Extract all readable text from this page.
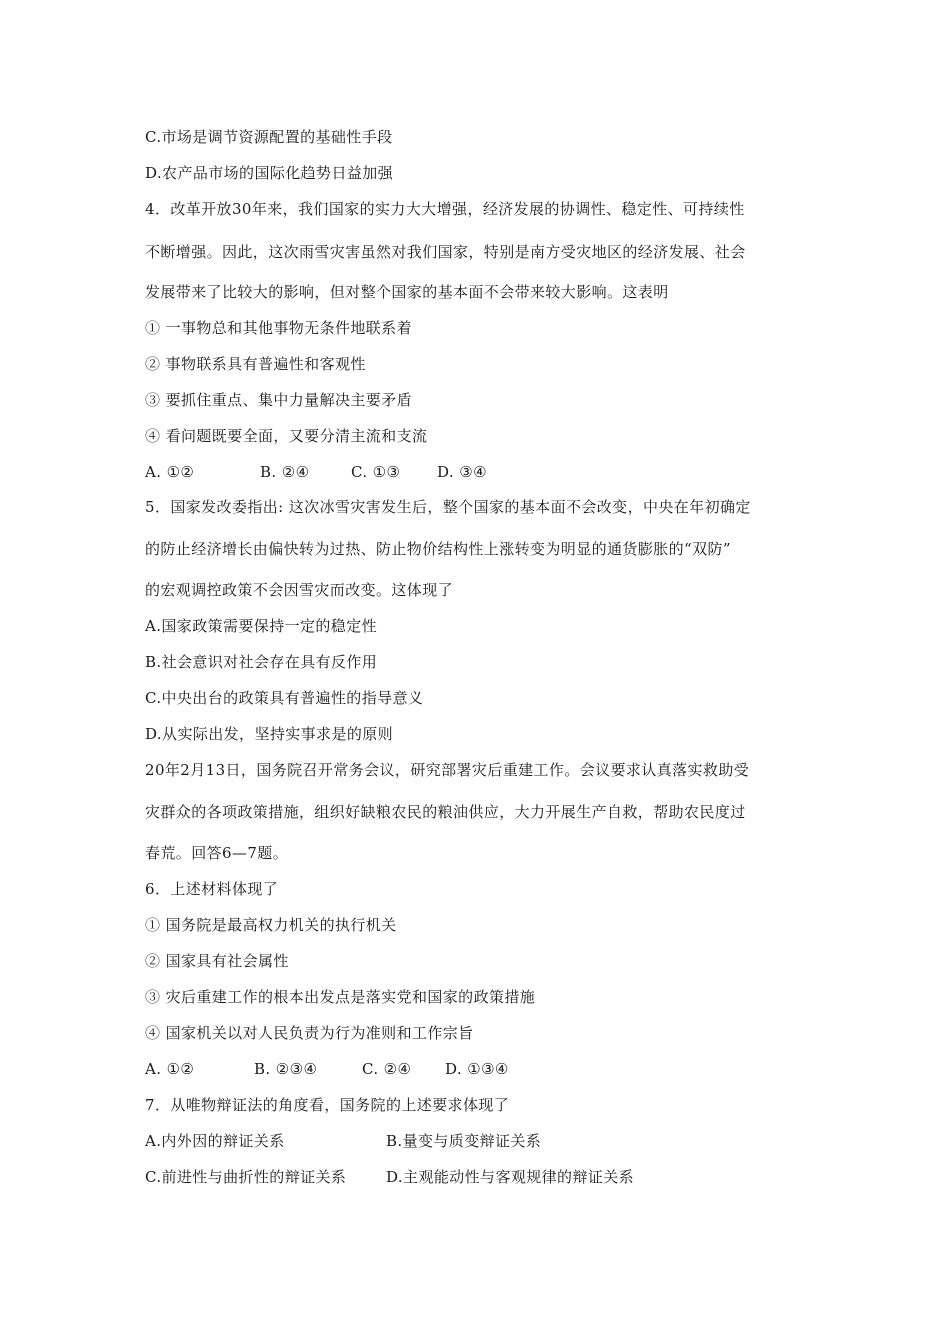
C.市场是调节资源配置的基础性手段
D.农产品市场的国际化趋势日益加强
4．改革开放30年来，我们国家的实力大大增强，经济发展的协调性、稳定性、可持续性
不断增强。因此，这次雨雪灾害虽然对我们国家，特别是南方受灾地区的经济发展、社会
发展带来了比较大的影响，但对整个国家的基本面不会带来较大影响。这表明
① 一事物总和其他事物无条件地联系着
② 事物联系具有普遍性和客观性
③ 要抓住重点、集中力量解决主要矛盾
④ 看问题既要全面，又要分清主流和支流
A. ①②	B. ②④	C. ①③ D. ③④
5．国家发改委指出: 这次冰雪灾害发生后，整个国家的基本面不会改变，中央在年初确定
的防止经济增长由偏快转为过热、防止物价结构性上涨转变为明显的通货膨胀的“双防”
的宏观调控政策不会因雪灾而改变。这体现了
A.国家政策需要保持一定的稳定性
B.社会意识对社会存在具有反作用
C.中央出台的政策具有普遍性的指导意义
D.从实际出发，坚持实事求是的原则
20年2月13日，国务院召开常务会议，研究部署灾后重建工作。会议要求认真落实救助受
灾群众的各项政策措施，组织好缺粮农民的粮油供应，大力开展生产自救，帮助农民度过
春荒。回答6—7题。
6．上述材料体现了
① 国务院是最高权力机关的执行机关
② 国家具有社会属性
③ 灾后重建工作的根本出发点是落实党和国家的政策措施
④ 国家机关以对人民负责为行为准则和工作宗旨
A. ①②	B. ②③④	C. ②④ D. ①③④
7．从唯物辩证法的角度看，国务院的上述要求体现了
A.内外因的辩证关系	B.量变与质变辩证关系
C.前进性与曲折性的辩证关系	D.主观能动性与客观规律的辩证关系
